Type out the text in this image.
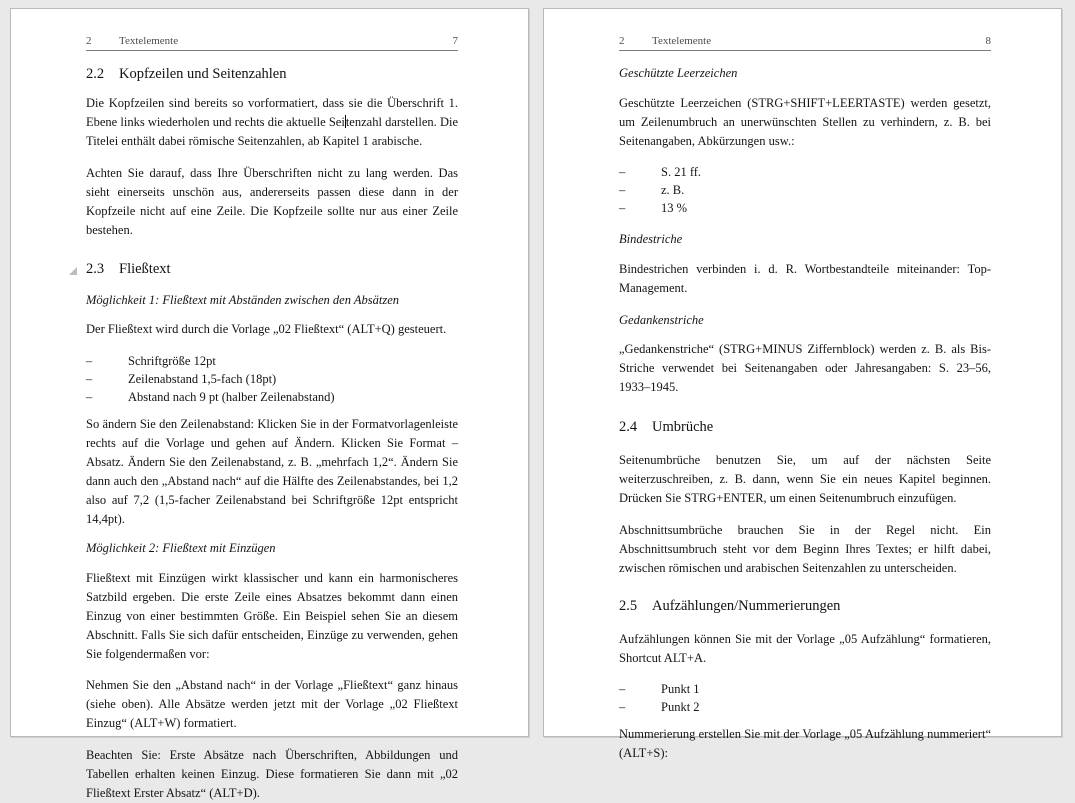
2	Textelemente	7
2.2	Kopfzeilen und Seitenzahlen

Die Kopfzeilen sind bereits so vorformatiert, dass sie die Überschrift 1. Ebene links wiederholen und rechts die aktuelle Seitenzahl darstellen. Die Titelei enthält dabei römische Seitenzahlen, ab Kapitel 1 arabische.

Achten Sie darauf, dass Ihre Überschriften nicht zu lang werden. Das sieht einerseits unschön aus, andererseits passen diese dann in der Kopfzeile nicht auf eine Zeile. Die Kopfzeile sollte nur aus einer Zeile bestehen.

2.3	Fließtext

Möglichkeit 1: Fließtext mit Abständen zwischen den Absätzen

Der Fließtext wird durch die Vorlage „02 Fließtext“ (ALT+Q) gesteuert.

–	Schriftgröße 12pt
–	Zeilenabstand 1,5-fach (18pt)
–	Abstand nach 9 pt (halber Zeilenabstand)

So ändern Sie den Zeilenabstand: Klicken Sie in der Formatvorlagenleiste rechts auf die Vorlage und gehen auf Ändern. Klicken Sie Format – Absatz. Ändern Sie den Zeilenabstand, z. B. „mehrfach 1,2“. Ändern Sie dann auch den „Abstand nach“ auf die Hälfte des Zeilenabstandes, bei 1,2 also auf 7,2 (1,5-facher Zeilenabstand bei Schriftgröße 12pt entspricht 14,4pt).

Möglichkeit 2: Fließtext mit Einzügen

Fließtext mit Einzügen wirkt klassischer und kann ein harmonischeres Satzbild ergeben. Die erste Zeile eines Absatzes bekommt dann einen Einzug von einer bestimmten Größe. Ein Beispiel sehen Sie an diesem Abschnitt. Falls Sie sich dafür entscheiden, Einzüge zu verwenden, gehen Sie folgendermaßen vor:

Nehmen Sie den „Abstand nach“ in der Vorlage „Fließtext“ ganz hinaus (siehe oben). Alle Absätze werden jetzt mit der Vorlage „02 Fließtext Einzug“ (ALT+W) formatiert.

Beachten Sie: Erste Absätze nach Überschriften, Abbildungen und Tabellen erhalten keinen Einzug. Diese formatieren Sie dann mit „02 Fließtext Erster Absatz“ (ALT+D).

2	Textelemente	8

Geschützte Leerzeichen

Geschützte Leerzeichen (STRG+SHIFT+LEERTASTE) werden gesetzt, um Zeilenumbruch an unerwünschten Stellen zu verhindern, z. B. bei Seitenangaben, Abkürzungen usw.:

–	S. 21 ff.
–	z. B.
–	13 %

Bindestriche

Bindestrichen verbinden i. d. R. Wortbestandteile miteinander: Top-Management.

Gedankenstriche

„Gedankenstriche“ (STRG+MINUS Ziffernblock) werden z. B. als Bis-Striche verwendet bei Seitenangaben oder Jahresangaben: S. 23–56, 1933–1945.

2.4	Umbrüche

Seitenumbrüche benutzen Sie, um auf der nächsten Seite weiterzuschreiben, z. B. dann, wenn Sie ein neues Kapitel beginnen. Drücken Sie STRG+ENTER, um einen Seitenumbruch einzufügen.

Abschnittsumbrüche brauchen Sie in der Regel nicht. Ein Abschnittsumbruch steht vor dem Beginn Ihres Textes; er hilft dabei, zwischen römischen und arabischen Seitenzahlen zu unterscheiden.

2.5	Aufzählungen/Nummerierungen

Aufzählungen können Sie mit der Vorlage „05 Aufzählung“ formatieren, Shortcut ALT+A.

–	Punkt 1
–	Punkt 2

Nummerierung erstellen Sie mit der Vorlage „05 Aufzählung nummeriert“ (ALT+S):
